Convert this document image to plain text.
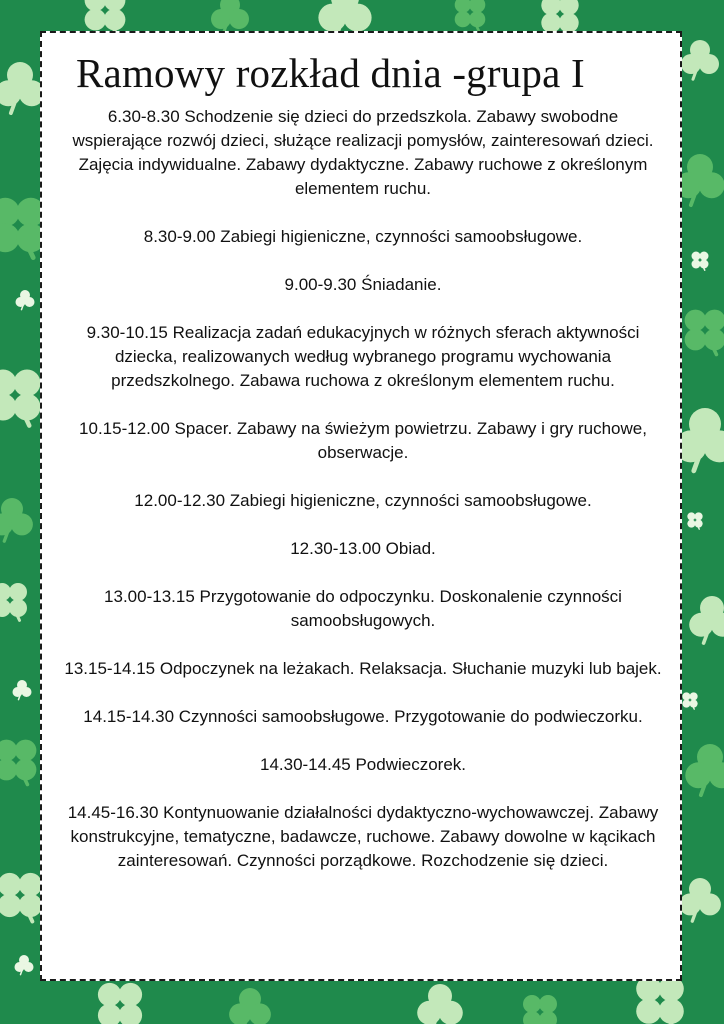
Ramowy rozkład dnia -grupa I

6.30-8.30 Schodzenie się dzieci do przedszkola. Zabawy swobodne wspierające rozwój dzieci, służące realizacji pomysłów, zainteresowań dzieci. Zajęcia indywidualne. Zabawy dydaktyczne. Zabawy ruchowe z określonym elementem ruchu.

8.30-9.00 Zabiegi higieniczne, czynności samoobsługowe.

9.00-9.30 Śniadanie.

9.30-10.15 Realizacja zadań edukacyjnych w różnych sferach aktywności dziecka, realizowanych według wybranego programu wychowania przedszkolnego. Zabawa ruchowa z określonym elementem ruchu.

10.15-12.00 Spacer. Zabawy na świeżym powietrzu. Zabawy i gry ruchowe, obserwacje.

12.00-12.30 Zabiegi higieniczne, czynności samoobsługowe.

12.30-13.00 Obiad.

13.00-13.15 Przygotowanie do odpoczynku. Doskonalenie czynności samoobsługowych.

13.15-14.15 Odpoczynek na leżakach. Relaksacja. Słuchanie muzyki lub bajek.

14.15-14.30 Czynności samoobsługowe. Przygotowanie do podwieczorku.

14.30-14.45 Podwieczorek.

14.45-16.30 Kontynuowanie działalności dydaktyczno-wychowawczej. Zabawy konstrukcyjne, tematyczne, badawcze, ruchowe. Zabawy dowolne w kącikach zainteresowań. Czynności porządkowe. Rozchodzenie się dzieci.
